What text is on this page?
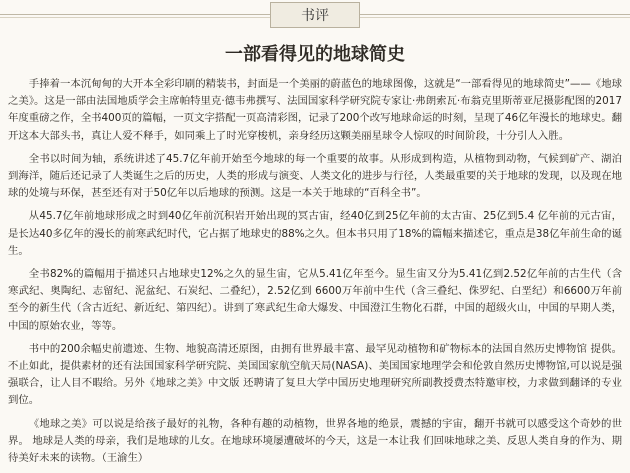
书评
一部看得见的地球简史

手捧着一本沉甸甸的大开本全彩印刷的精装书，封面是一个美丽的蔚蓝色的地球图像，这就是“一部看得见的地球简史”——《地球之美》。这是一部由法国地质学会主席帕特里克·德韦弗撰写、法国国家科学研究院专家让·弗朗索瓦·布翁克里斯蒂亚尼摄影配图的2017年度重磅之作，全书400页的篇幅，一页文字搭配一页高清彩图，记录了200个改写地球命运的时刻，呈现了46亿年漫长的地球史。翻开这本大部头书，真让人爱不释手，如同乘上了时光穿梭机，亲身经历这颗美丽星球令人惊叹的时间阶段，十分引人入胜。

全书以时间为轴，系统讲述了45.7亿年前开始至今地球的每一个重要的故事。从形成到构造，从植物到动物，气候到矿产、湖泊到海洋，随后还记录了人类诞生之后的历史，人类的形成与演变、人类文化的进步与行径，人类最重要的关于地球的发现，以及现在地球的处境与环保，甚至还有对于50亿年以后地球的预测。这是一本关于地球的“百科全书”。

从45.7亿年前地球形成之时到40亿年前沉积岩开始出现的冥古宙，经40亿到25亿年前的太古宙、25亿到5.4 亿年前的元古宙，是长达40多亿年的漫长的前寒武纪时代，它占据了地球史的88%之久。但本书只用了18%的篇幅来描述它，重点是38亿年前生命的诞生。

全书82%的篇幅用于描述只占地球史12%之久的显生宙，它从5.41亿年至今。显生宙又分为5.41亿到2.52亿年前的古生代（含寒武纪、奥陶纪、志留纪、泥盆纪、石炭纪、二叠纪），2.52亿到 6600万年前中生代（含三叠纪、侏罗纪、白垩纪）和6600万年前至今的新生代（含古近纪、新近纪、第四纪）。讲到了寒武纪生命大爆发、中国澄江生物化石群，中国的超级火山，中国的早期人类，中国的原始农业，等等。

书中的200余幅史前遗迹、生物、地貌高清还原图，由拥有世界最丰富、最罕见动植物和矿物标本的法国自然历史博物馆 提供。不止如此，提供素材的还有法国国家科学研究院、美国国家航空航天局(NASA)、美国国家地理学会和伦敦自然历史博物馆,可以说是强强联合，让人目不暇给。另外《地球之美》中文版 还聘请了复旦大学中国历史地理研究所副教授费杰特邀审校，力求做到翻译的专业到位。

《地球之美》可以说是给孩子最好的礼物，各种有趣的动植物，世界各地的绝景，震撼的宇宙，翻开书就可以感受这个奇妙的世界。 地球是人类的母亲，我们是地球的儿女。在地球环境屡遭破坏的今天，这是一本让我 们回味地球之美、反思人类自身的作为、期待美好未来的读物。（王渝生）
